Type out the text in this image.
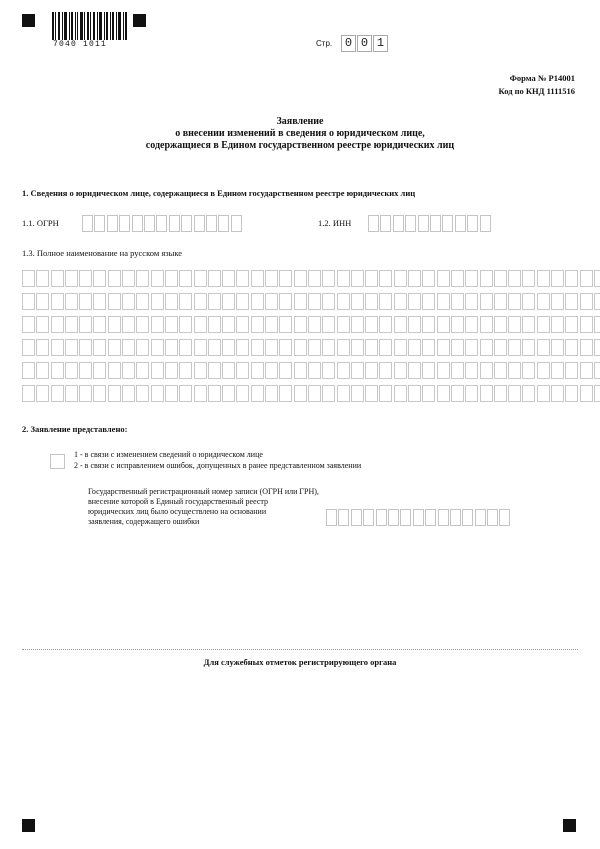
7040 1011	Стр.	0 0 1
Форма № Р14001
Код по КНД 1111516
Заявление
о внесении изменений в сведения о юридическом лице,
содержащиеся в Едином государственном реестре юридических лиц
1. Сведения о юридическом лице, содержащиеся в Едином государственном реестре юридических лиц
1.1. ОГРН	1.2. ИНН
1.3. Полное наименование на русском языке
2. Заявление представлено:
1 - в связи с изменением сведений о юридическом лице
2 - в связи с исправлением ошибок, допущенных в ранее представленном заявлении
Государственный регистрационный номер записи (ОГРН или ГРН),
внесение которой в Единый государственный реестр
юридических лиц было осуществлено на основании
заявления, содержащего ошибки
Для служебных отметок регистрирующего органа
